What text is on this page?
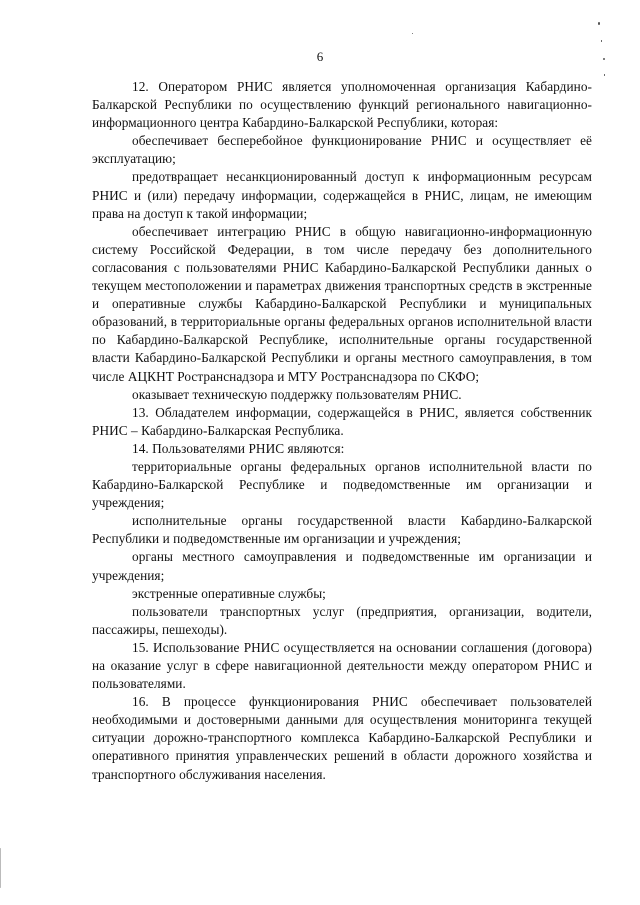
6

12. Оператором РНИС является уполномоченная организация Кабардино-Балкарской Республики по осуществлению функций регионального навигационно-информационного центра Кабардино-Балкарской Республики, которая:

обеспечивает бесперебойное функционирование РНИС и осуществляет её эксплуатацию;

предотвращает несанкционированный доступ к информационным ресурсам РНИС и (или) передачу информации, содержащейся в РНИС, лицам, не имеющим права на доступ к такой информации;

обеспечивает интеграцию РНИС в общую навигационно-информационную систему Российской Федерации, в том числе передачу без дополнительного согласования с пользователями РНИС Кабардино-Балкарской Республики данных о текущем местоположении и параметрах движения транспортных средств в экстренные и оперативные службы Кабардино-Балкарской Республики и муниципальных образований, в территориальные органы федеральных органов исполнительной власти по Кабардино-Балкарской Республике, исполнительные органы государственной власти Кабардино-Балкарской Республики и органы местного самоуправления, в том числе АЦКНТ Ространснадзора и МТУ Ространснадзора по СКФО;

оказывает техническую поддержку пользователям РНИС.

13. Обладателем информации, содержащейся в РНИС, является собственник РНИС – Кабардино-Балкарская Республика.

14. Пользователями РНИС являются:

территориальные органы федеральных органов исполнительной власти по Кабардино-Балкарской Республике и подведомственные им организации и учреждения;

исполнительные органы государственной власти Кабардино-Балкарской Республики и подведомственные им организации и учреждения;

органы местного самоуправления и подведомственные им организации и учреждения;

экстренные оперативные службы;

пользователи транспортных услуг (предприятия, организации, водители, пассажиры, пешеходы).

15. Использование РНИС осуществляется на основании соглашения (договора) на оказание услуг в сфере навигационной деятельности между оператором РНИС и пользователями.

16. В процессе функционирования РНИС обеспечивает пользователей необходимыми и достоверными данными для осуществления мониторинга текущей ситуации дорожно-транспортного комплекса Кабардино-Балкарской Республики и оперативного принятия управленческих решений в области дорожного хозяйства и транспортного обслуживания населения.
